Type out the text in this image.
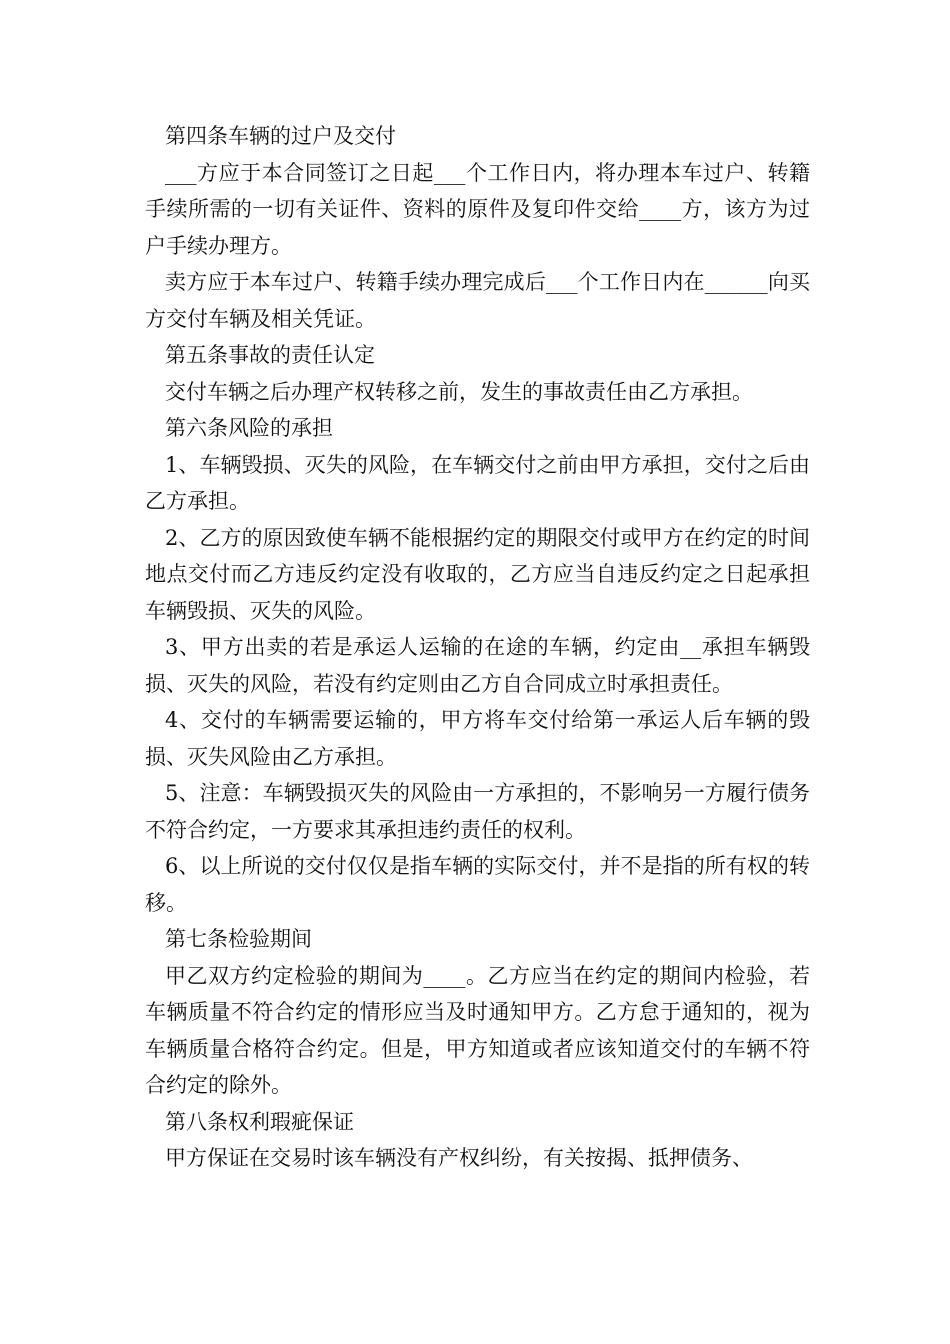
第四条车辆的过户及交付

___方应于本合同签订之日起___个工作日内，将办理本车过户、转籍手续所需的一切有关证件、资料的原件及复印件交给____方，该方为过户手续办理方。

卖方应于本车过户、转籍手续办理完成后___个工作日内在______向买方交付车辆及相关凭证。

第五条事故的责任认定

交付车辆之后办理产权转移之前，发生的事故责任由乙方承担。

第六条风险的承担

1、车辆毁损、灭失的风险，在车辆交付之前由甲方承担，交付之后由乙方承担。

2、乙方的原因致使车辆不能根据约定的期限交付或甲方在约定的时间地点交付而乙方违反约定没有收取的，乙方应当自违反约定之日起承担车辆毁损、灭失的风险。

3、甲方出卖的若是承运人运输的在途的车辆，约定由__承担车辆毁损、灭失的风险，若没有约定则由乙方自合同成立时承担责任。

4、交付的车辆需要运输的，甲方将车交付给第一承运人后车辆的毁损、灭失风险由乙方承担。

5、注意：车辆毁损灭失的风险由一方承担的，不影响另一方履行债务不符合约定，一方要求其承担违约责任的权利。

6、以上所说的交付仅仅是指车辆的实际交付，并不是指的所有权的转移。

第七条检验期间

甲乙双方约定检验的期间为____。乙方应当在约定的期间内检验，若车辆质量不符合约定的情形应当及时通知甲方。乙方怠于通知的，视为车辆质量合格符合约定。但是，甲方知道或者应该知道交付的车辆不符合约定的除外。

第八条权利瑕疵保证

甲方保证在交易时该车辆没有产权纠纷，有关按揭、抵押债务、
